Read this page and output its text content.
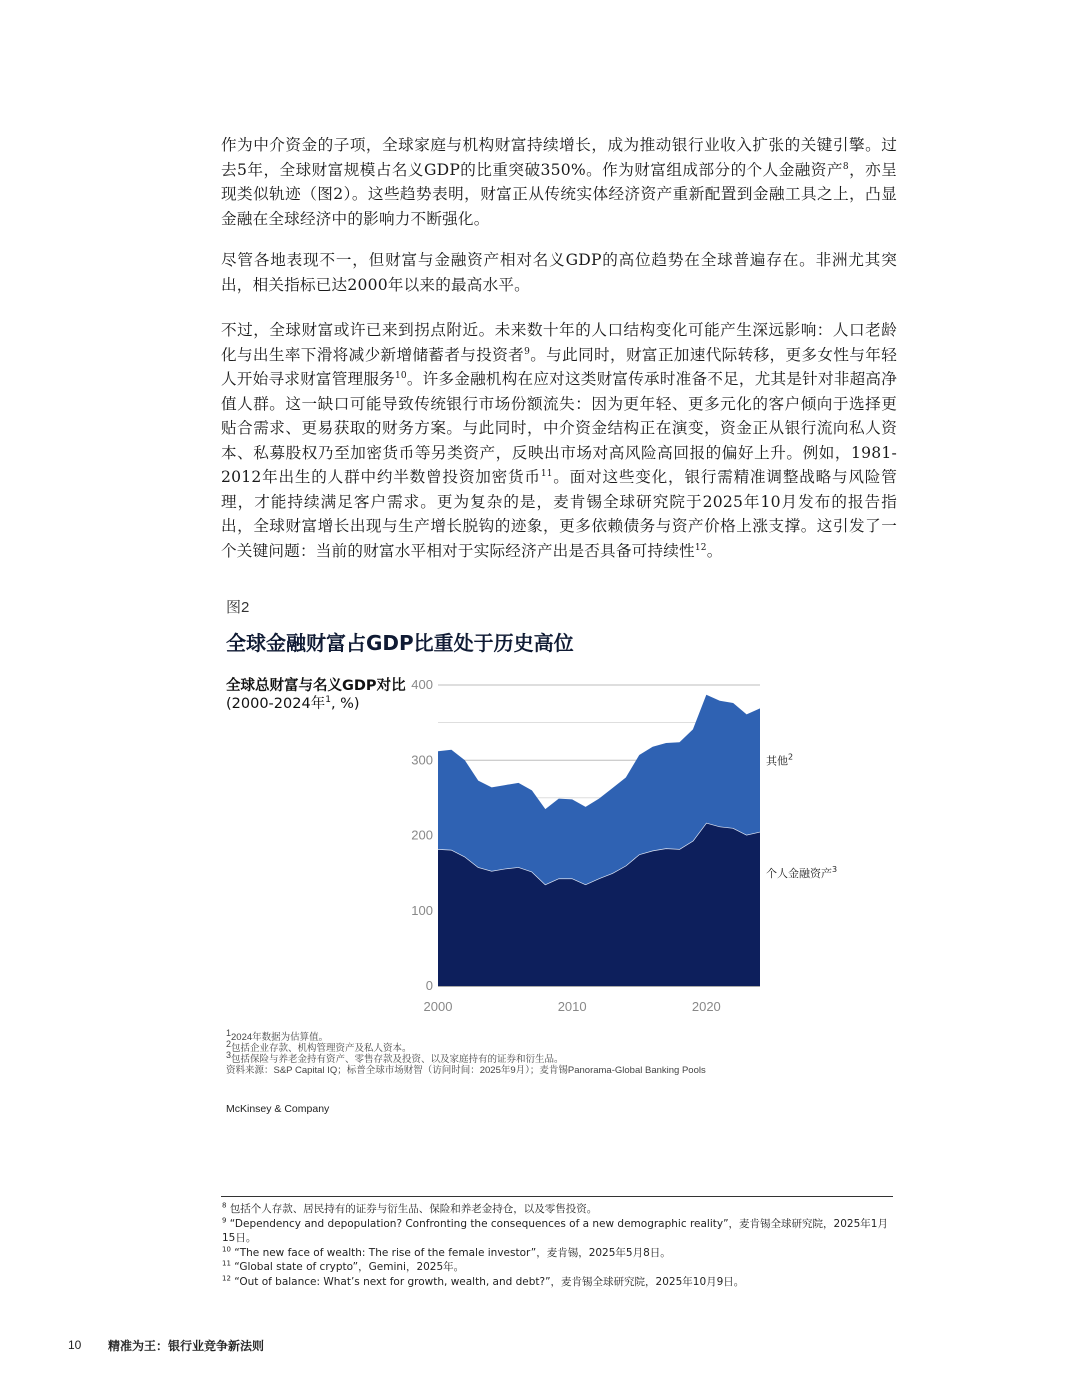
作为中介资金的子项，全球家庭与机构财富持续增长，成为推动银行业收入扩张的关键引擎。过去5年，全球财富规模占名义GDP的比重突破350%。作为财富组成部分的个人金融资产$^8$，亦呈现类似轨迹（图2）。这些趋势表明，财富正从传统实体经济资产重新配置到金融工具之上，凸显金融在全球经济中的影响力不断强化。

尽管各地表现不一，但财富与金融资产相对名义GDP的高位趋势在全球普遍存在。非洲尤其突出，相关指标已达2000年以来的最高水平。

不过，全球财富或许已来到拐点附近。未来数十年的人口结构变化可能产生深远影响：人口老龄化与出生率下滑将减少新增储蓄者与投资者$^9$。与此同时，财富正加速代际转移，更多女性与年轻人开始寻求财富管理服务$^{10}$。许多金融机构在应对这类财富传承时准备不足，尤其是针对非超高净值人群。这一缺口可能导致传统银行市场份额流失：因为更年轻、更多元化的客户倾向于选择更贴合需求、更易获取的财务方案。与此同时，中介资金结构正在演变，资金正从银行流向私人资本、私募股权乃至加密货币等另类资产，反映出市场对高风险高回报的偏好上升。例如，1981-2012年出生的人群中约半数曾投资加密货币$^{11}$。面对这些变化，银行需精准调整战略与风险管理，才能持续满足客户需求。更为复杂的是，麦肯锡全球研究院于2025年10月发布的报告指出，全球财富增长出现与生产增长脱钩的迹象，更多依赖债务与资产价格上涨支撑。这引发了一个关键问题：当前的财富水平相对于实际经济产出是否具备可持续性$^{12}$。

图2
全球金融财富占GDP比重处于历史高位
全球总财富与名义GDP对比 (2000-2024年$^1$, %)
0
100
200
300
400
2000	2010	2020
个人金融资产$^3$
其他$^2$
$^1$2024年数据为估算值。
$^2$包括企业存款、机构管理资产及私人资本。
$^3$包括保险与养老金持有资产、零售存款及投资、以及家庭持有的证券和衍生品。
资料来源：S&P Capital IQ；标普全球市场财智（访问时间：2025年9月）；麦肯锡Panorama-Global Banking Pools
McKinsey & Company
$^8$ 包括个人存款、居民持有的证券与衍生品、保险和养老金持仓，以及零售投资。
$^9$ “Dependency and depopulation? Confronting the consequences of a new demographic reality”，麦肯锡全球研究院，2025年1月15日。
$^{10}$ “The new face of wealth: The rise of the female investor”，麦肯锡，2025年5月8日。
$^{11}$ “Global state of crypto”，Gemini，2025年。
$^{12}$ “Out of balance: What’s next for growth, wealth, and debt?”，麦肯锡全球研究院，2025年10月9日。
10 精准为王：银行业竞争新法则
